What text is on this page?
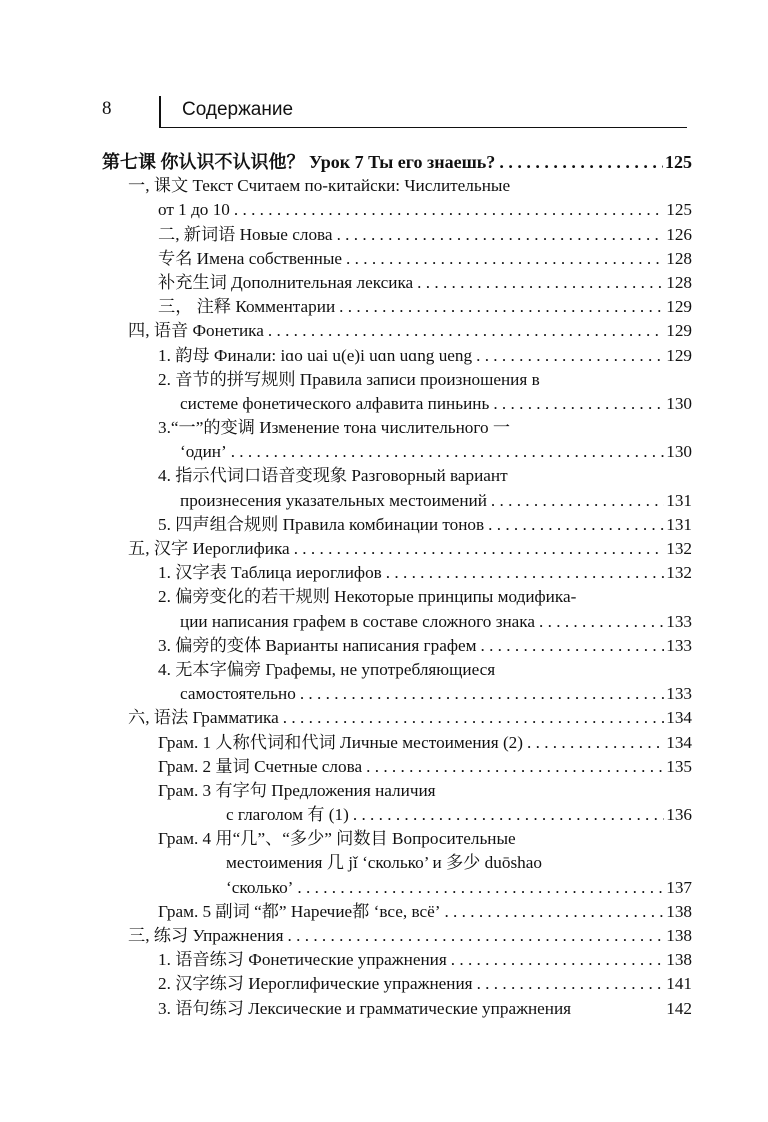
8	Содержание
第七课 你认识不认识他？ Урок 7 Ты его знаешь? . . .	125
一, 课文 Текст Считаем по-китайски: Числительные
от 1 до 10 . . .	125
二, 新词语 Новые слова . . .	126
专名 Имена собственные . . .	128
补充生词 Дополнительная лексика . . .	128
三， 注释 Комментарии . . .	129
四, 语音 Фонетика . . .	129
1. 韵母 Финали: iɑo uai u(e)i uɑn uɑng ueng . . .	129
2. 音节的拼写规则 Правила записи произношения в
системе фонетического алфавита пиньинь . . .	130
3.“一”的变调 Изменение тона числительного 一
‘один’ . . .	130
4. 指示代词口语音变现象 Разговорный вариант
произнесения указательных местоимений . . .	131
5. 四声组合规则 Правила комбинации тонов . . .	131
五, 汉字 Иероглифика . . .	132
1. 汉字表 Таблица иероглифов . . .	132
2. 偏旁变化的若干规则 Некоторые принципы модифика-
ции написания графем в составе сложного знака . . .	133
3. 偏旁的变体 Варианты написания графем . . .	133
4. 无本字偏旁 Графемы, не употребляющиеся
самостоятельно . . .	133
六, 语法 Грамматика . . .	134
Грам. 1 人称代词和代词 Личные местоимения (2) . . .	134
Грам. 2 量词 Счетные слова . . .	135
Грам. 3 有字句 Предложения наличия
с глаголом 有 (1) . . .	136
Грам. 4 用“几”、“多少” 问数目 Вопросительные
местоимения 几 jǐ ‘сколько’ и 多少 duōshao
‘сколько’ . . .	137
Грам. 5 副词 “都” Наречие都 ‘все, всё’ . . .	138
三, 练习 Упражнения . . .	138
1. 语音练习 Фонетические упражнения . . .	138
2. 汉字练习 Иероглифические упражнения . . .	141
3. 语句练习 Лексические и грамматические упражнения	142
